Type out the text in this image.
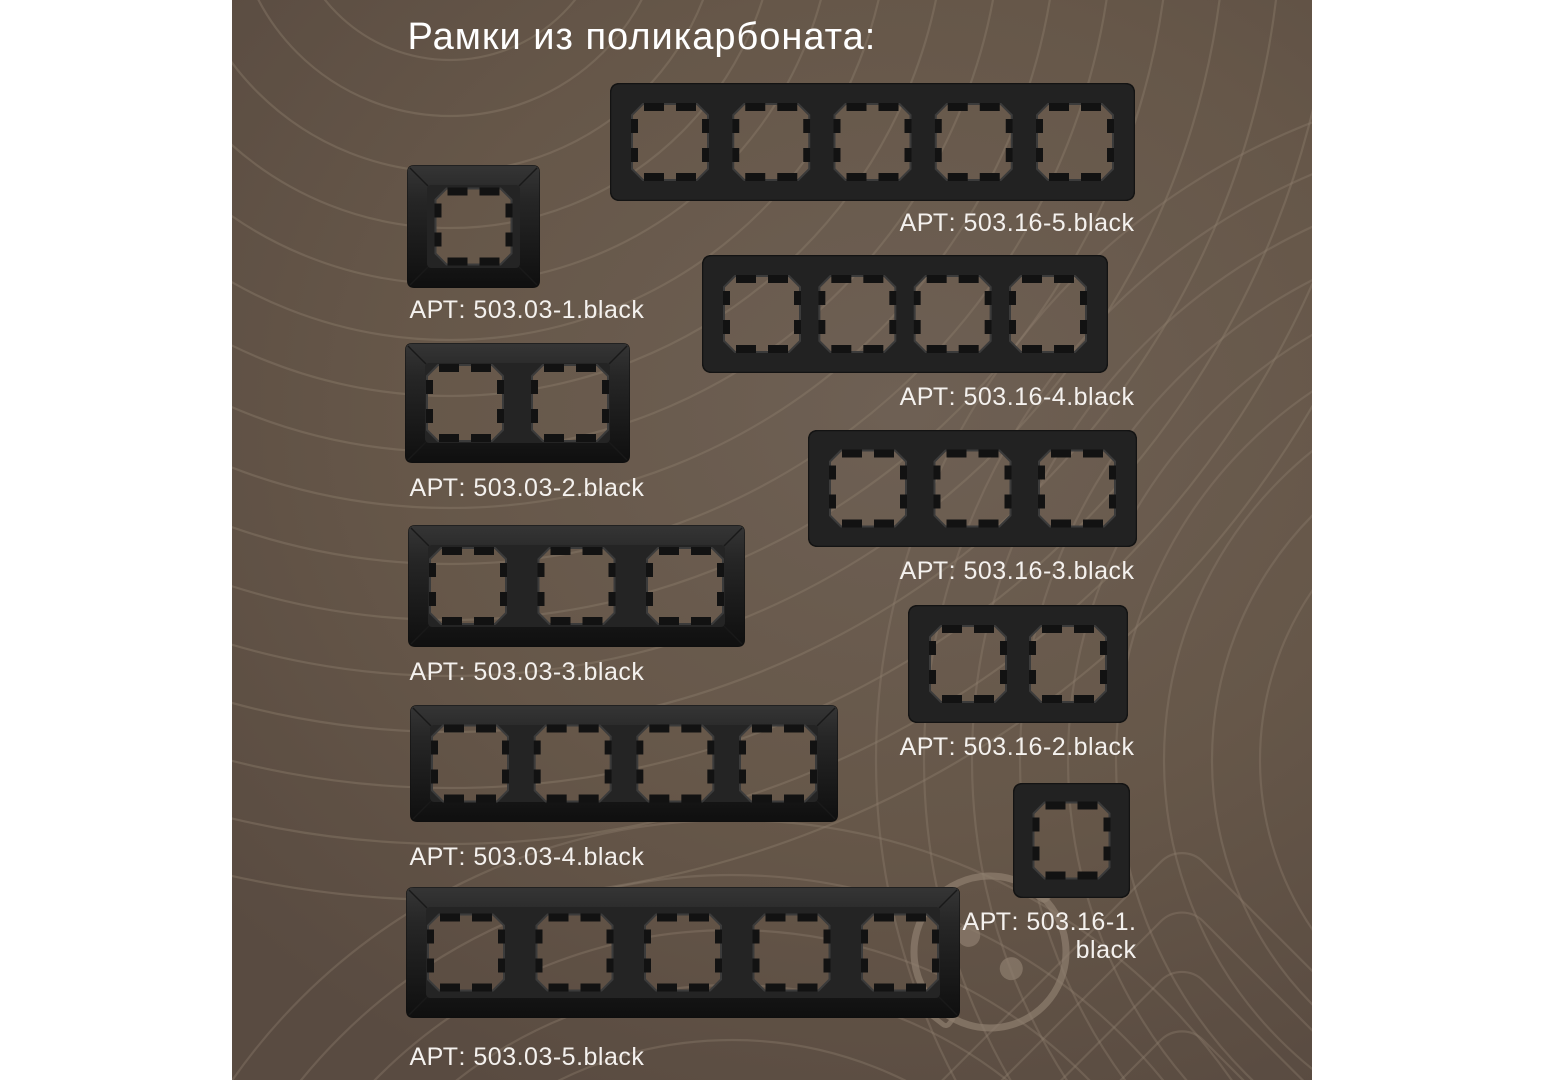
Рамки из поликарбоната:
АРТ: 503.03-1.black
АРТ: 503.03-2.black
АРТ: 503.03-3.black
АРТ: 503.03-4.black
АРТ: 503.03-5.black
АРТ: 503.16-5.black
АРТ: 503.16-4.black
АРТ: 503.16-3.black
АРТ: 503.16-2.black
АРТ: 503.16-1.
black
